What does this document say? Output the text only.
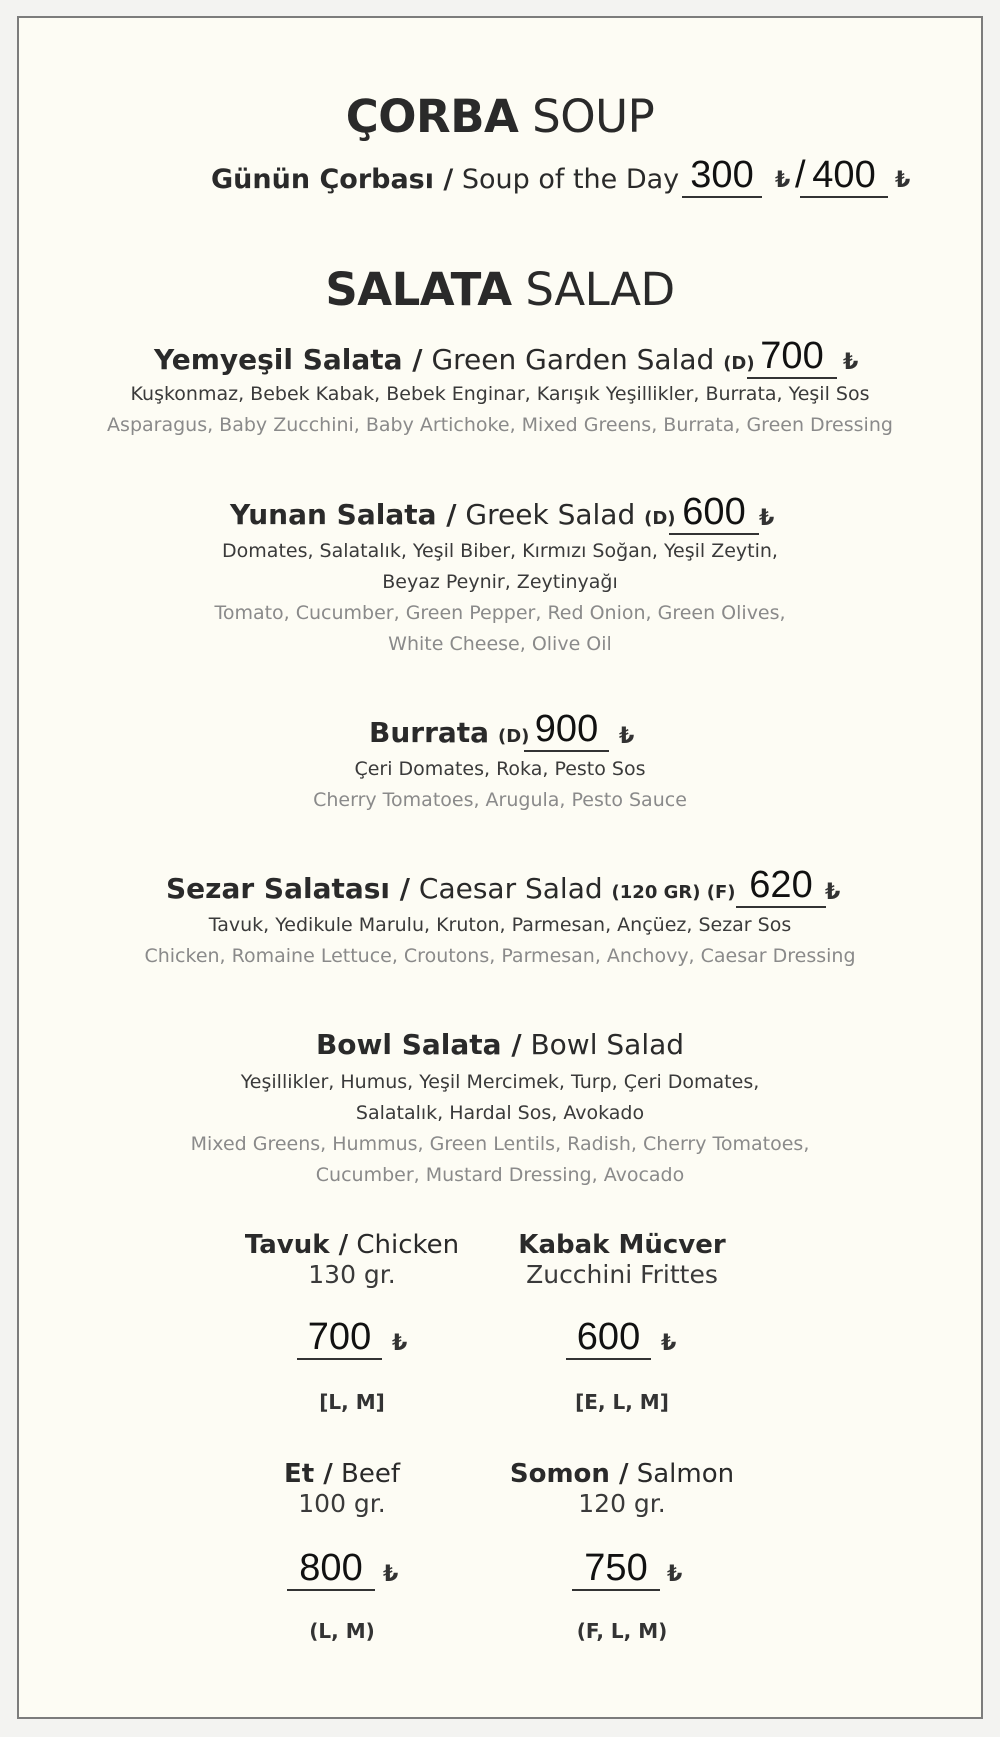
ÇORBA SOUP
Günün Çorbası / Soup of the Day 300 ₺ / 400 ₺
SALATA SALAD
Yemyeşil Salata / Green Garden Salad (D) 700 ₺
Kuşkonmaz, Bebek Kabak, Bebek Enginar, Karışık Yeşillikler, Burrata, Yeşil Sos
Asparagus, Baby Zucchini, Baby Artichoke, Mixed Greens, Burrata, Green Dressing
Yunan Salata / Greek Salad (D) 600 ₺
Domates, Salatalık, Yeşil Biber, Kırmızı Soğan, Yeşil Zeytin,
Beyaz Peynir, Zeytinyağı
Tomato, Cucumber, Green Pepper, Red Onion, Green Olives,
White Cheese, Olive Oil
Burrata (D) 900 ₺
Çeri Domates, Roka, Pesto Sos
Cherry Tomatoes, Arugula, Pesto Sauce
Sezar Salatası / Caesar Salad (120 GR) (F) 620 ₺
Tavuk, Yedikule Marulu, Kruton, Parmesan, Ançüez, Sezar Sos
Chicken, Romaine Lettuce, Croutons, Parmesan, Anchovy, Caesar Dressing
Bowl Salata / Bowl Salad
Yeşillikler, Humus, Yeşil Mercimek, Turp, Çeri Domates,
Salatalık, Hardal Sos, Avokado
Mixed Greens, Hummus, Green Lentils, Radish, Cherry Tomatoes,
Cucumber, Mustard Dressing, Avocado
Tavuk / Chicken
130 gr.
700 ₺
[L, M]
Kabak Mücver
Zucchini Frittes
600 ₺
[E, L, M]
Et / Beef
100 gr.
800 ₺
(L, M)
Somon / Salmon
120 gr.
750 ₺
(F, L, M)
